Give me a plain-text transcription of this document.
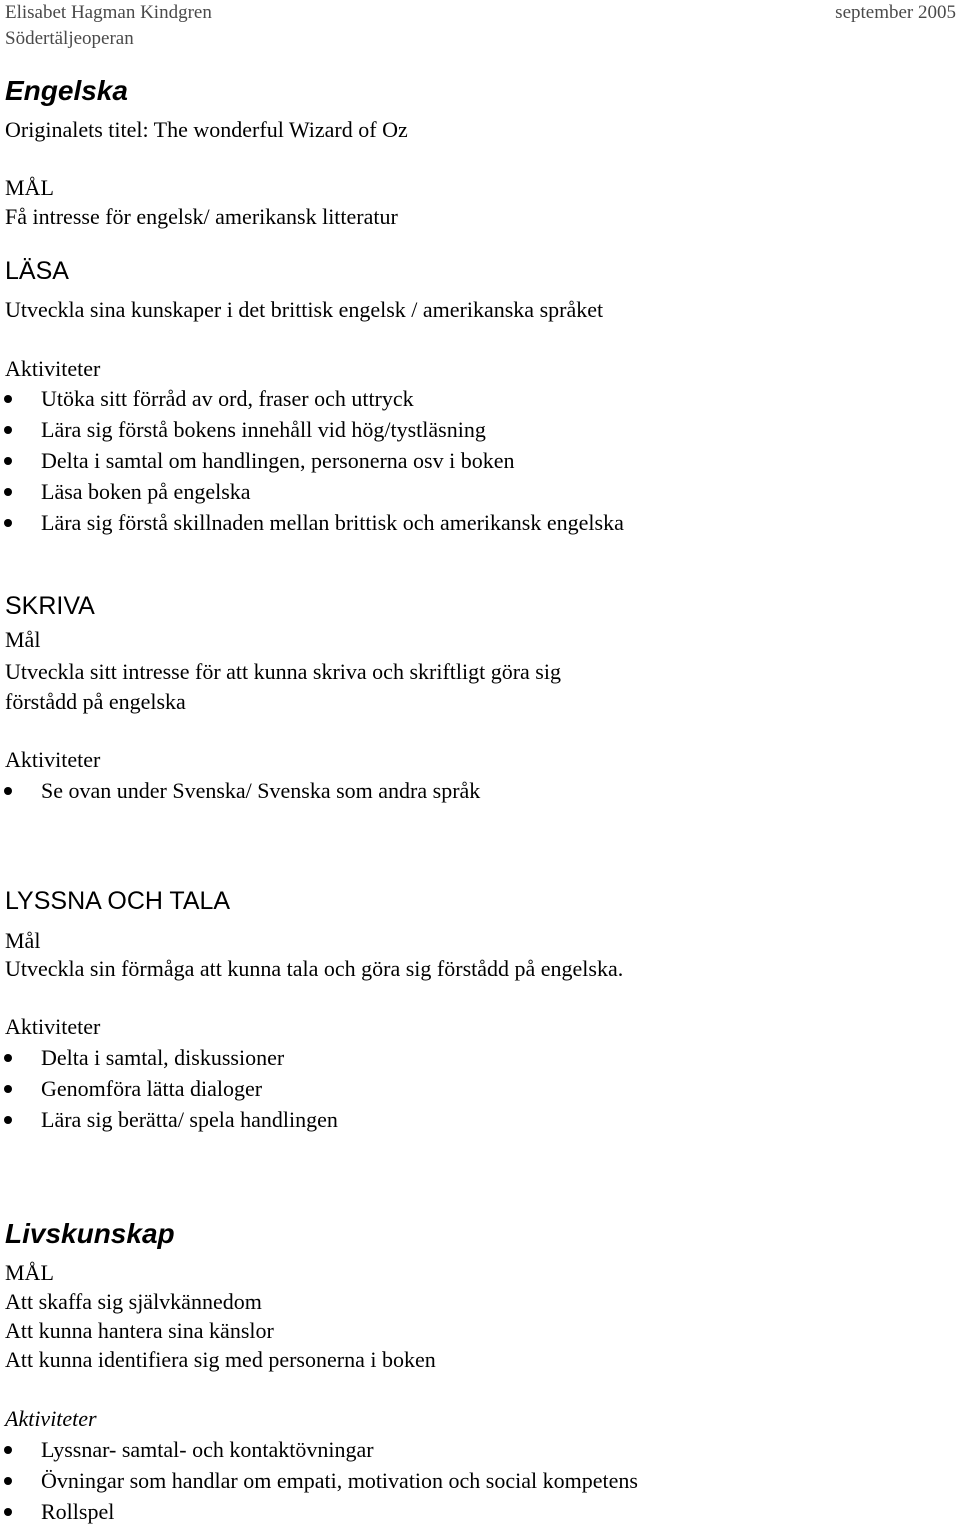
Elisabet Hagman Kindgren
Södertäljeoperan
september 2005
Engelska

Originalets titel: The wonderful Wizard of Oz

MÅL

Få intresse för engelsk/ amerikansk litteratur

LÄSA

Utveckla sina kunskaper i det brittisk engelsk / amerikanska språket

Aktiviteter

Utöka sitt förråd av ord, fraser och uttryck
Lära sig förstå bokens innehåll vid hög/tystläsning
Delta i samtal om handlingen, personerna osv i boken
Läsa boken på engelska
Lära sig förstå skillnaden mellan brittisk och amerikansk engelska
SKRIVA

Mål

Utveckla sitt intresse för att kunna skriva och skriftligt göra sig

förstådd på engelska

Aktiviteter

Se ovan under Svenska/ Svenska som andra språk
LYSSNA OCH TALA

Mål

Utveckla sin förmåga att kunna tala och göra sig förstådd på engelska.

Aktiviteter

Delta i samtal, diskussioner
Genomföra lätta dialoger
Lära sig berätta/ spela handlingen
Livskunskap

MÅL

Att skaffa sig självkännedom

Att kunna hantera sina känslor

Att kunna identifiera sig med personerna i boken

Aktiviteter

Lyssnar- samtal- och kontaktövningar
Övningar som handlar om empati, motivation och social kompetens
Rollspel
